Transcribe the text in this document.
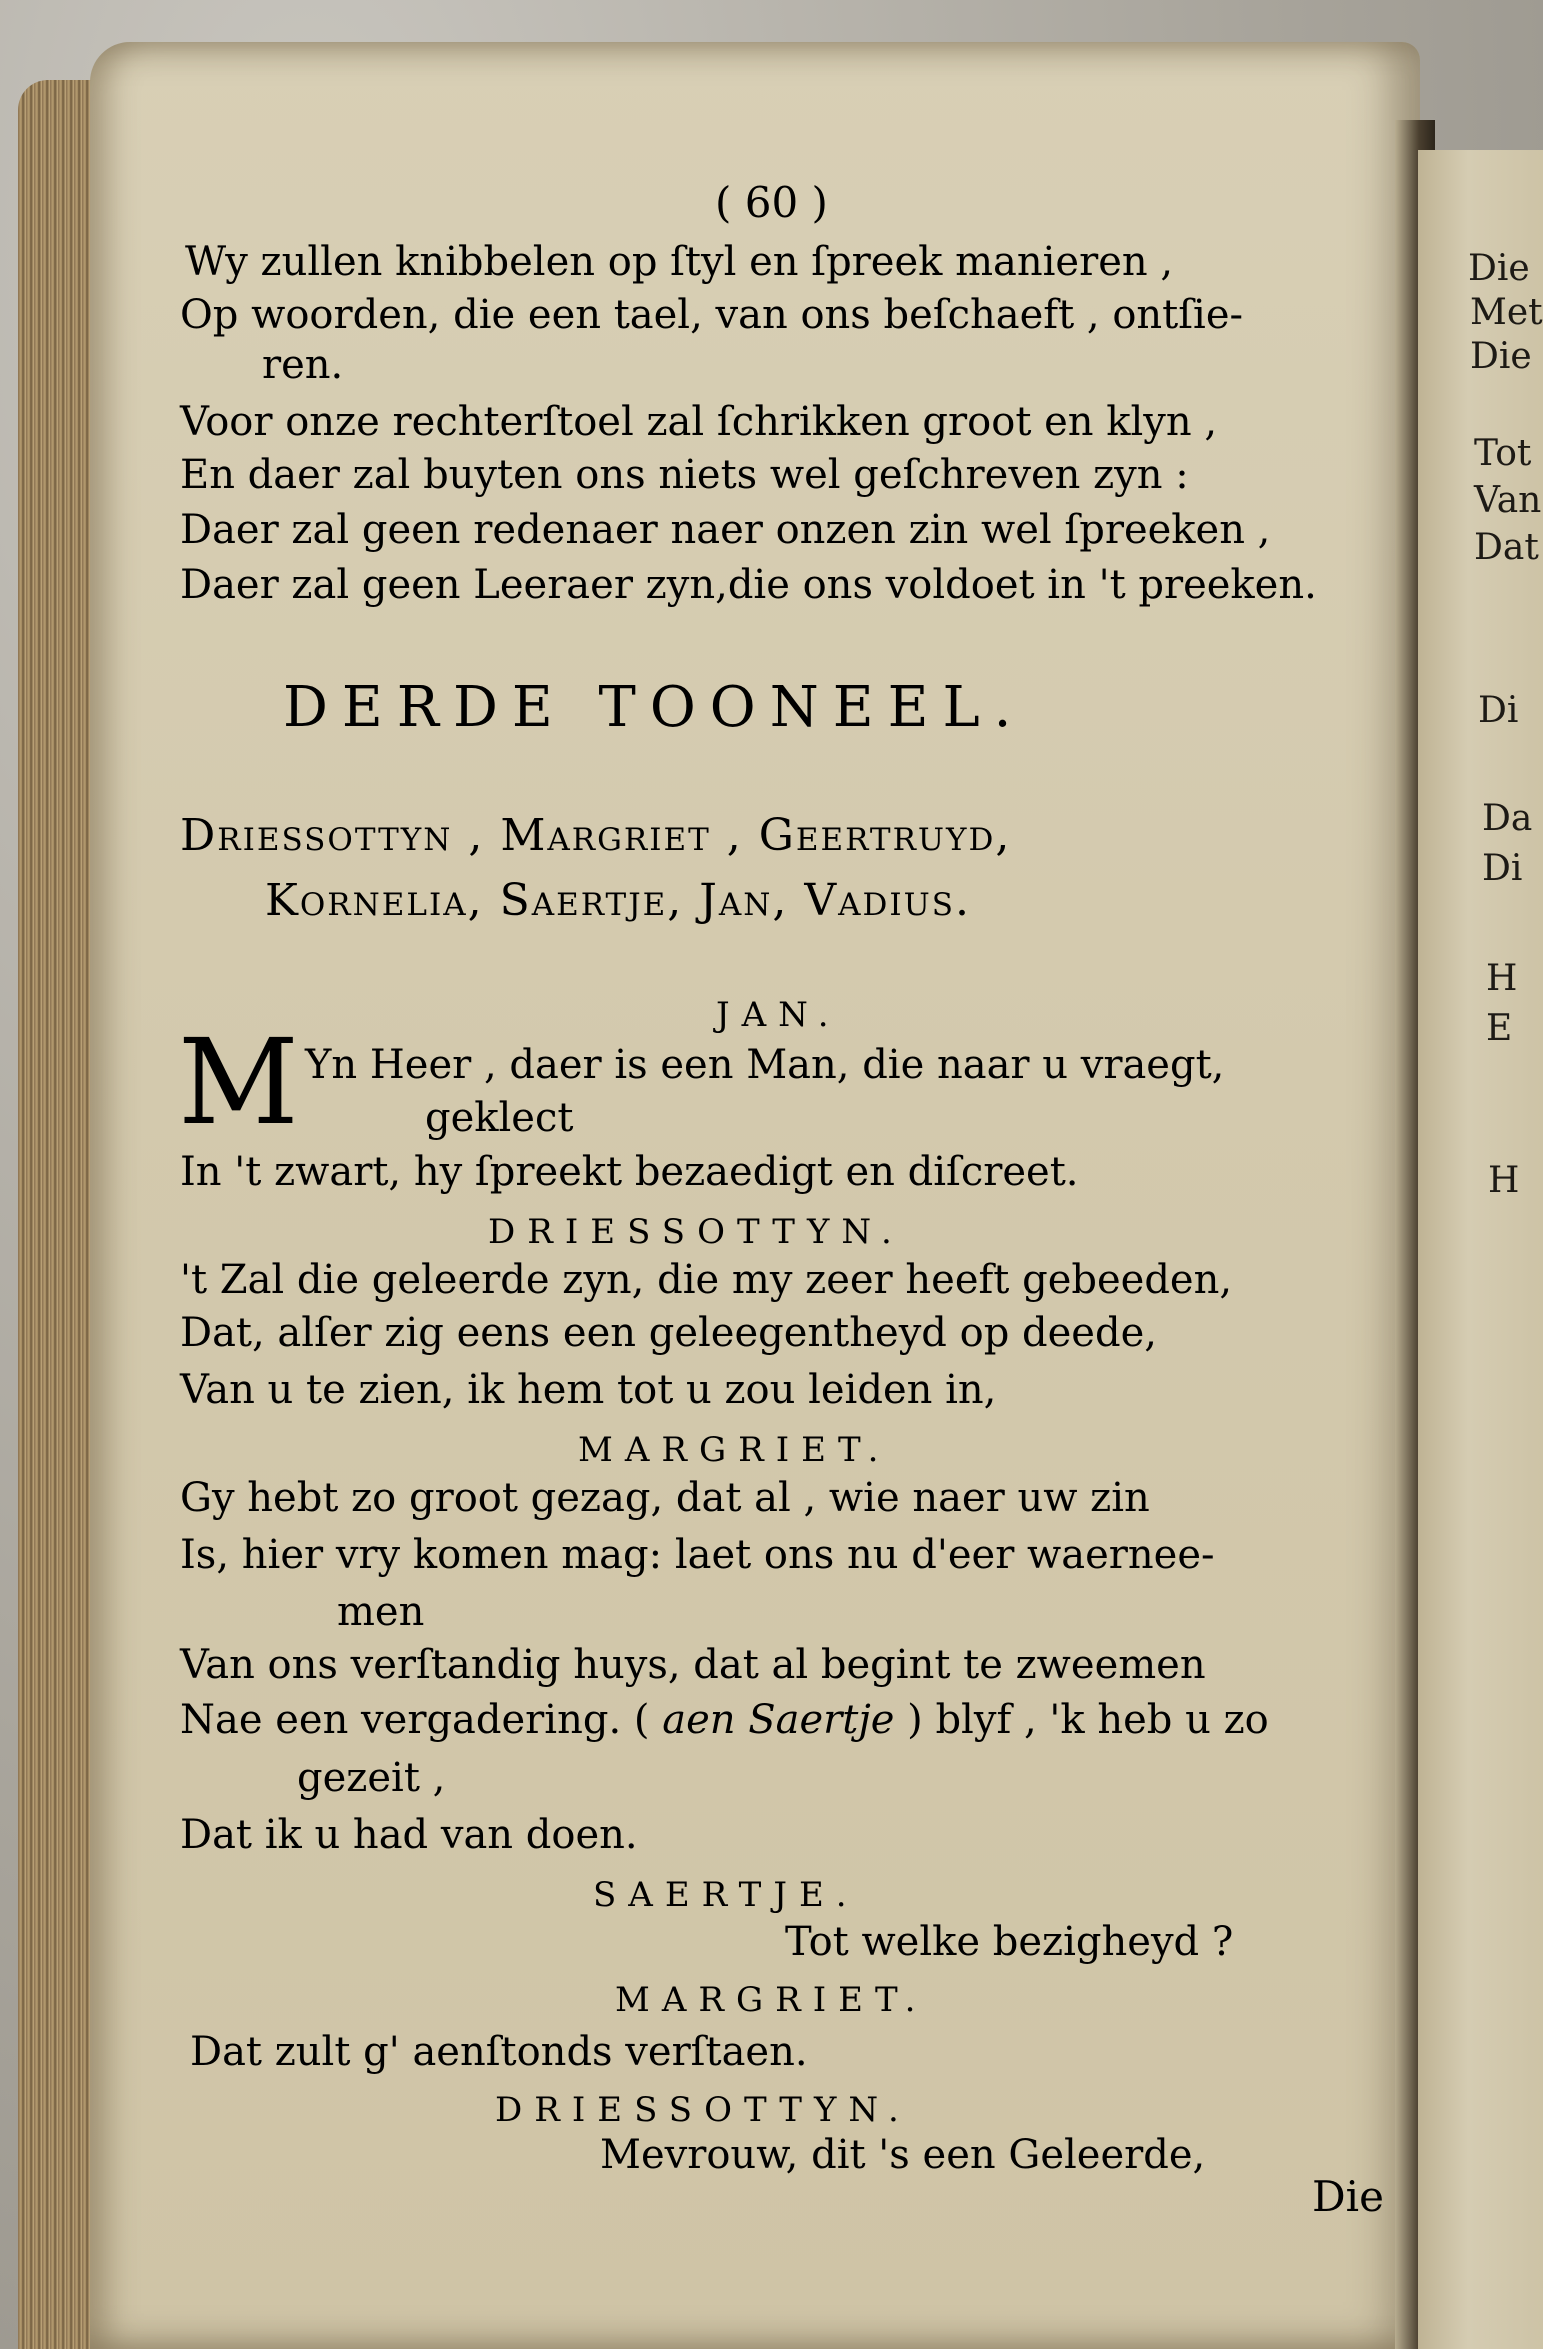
Die
Met
Die
Tot
Van
Dat
Di
Da
Di
H
E
H
( 60 )
Wy zullen knibbelen op ſtyl en ſpreek manieren ,
Op woorden, die een tael, van ons beſchaeft , ontſie-
ren.
Voor onze rechterſtoel zal ſchrikken groot en klyn ,
En daer zal buyten ons niets wel geſchreven zyn :
Daer zal geen redenaer naer onzen zin wel ſpreeken ,
Daer zal geen Leeraer zyn,die ons voldoet in 't preeken.
DERDE TOONEEL.
Driessottyn , Margriet , Geertruyd,
Kornelia, Saertje, Jan, Vadius.
JAN.
M Yn Heer , daer is een Man, die naar u vraegt,
geklect
In 't zwart, hy ſpreekt bezaedigt en diſcreet.
DRIESSOTTYN.
't Zal die geleerde zyn, die my zeer heeft gebeeden,
Dat, alſer zig eens een geleegentheyd op deede,
Van u te zien, ik hem tot u zou leiden in,
MARGRIET.
Gy hebt zo groot gezag, dat al , wie naer uw zin
Is, hier vry komen mag: laet ons nu d'eer waernee-
men
Van ons verſtandig huys, dat al begint te zweemen
Nae een vergadering. ( aen Saertje ) blyf , 'k heb u zo
gezeit ,
Dat ik u had van doen.
SAERTJE.
Tot welke bezigheyd ?
MARGRIET.
Dat zult g' aenſtonds verſtaen.
DRIESSOTTYN.
Mevrouw, dit 's een Geleerde,
Die
